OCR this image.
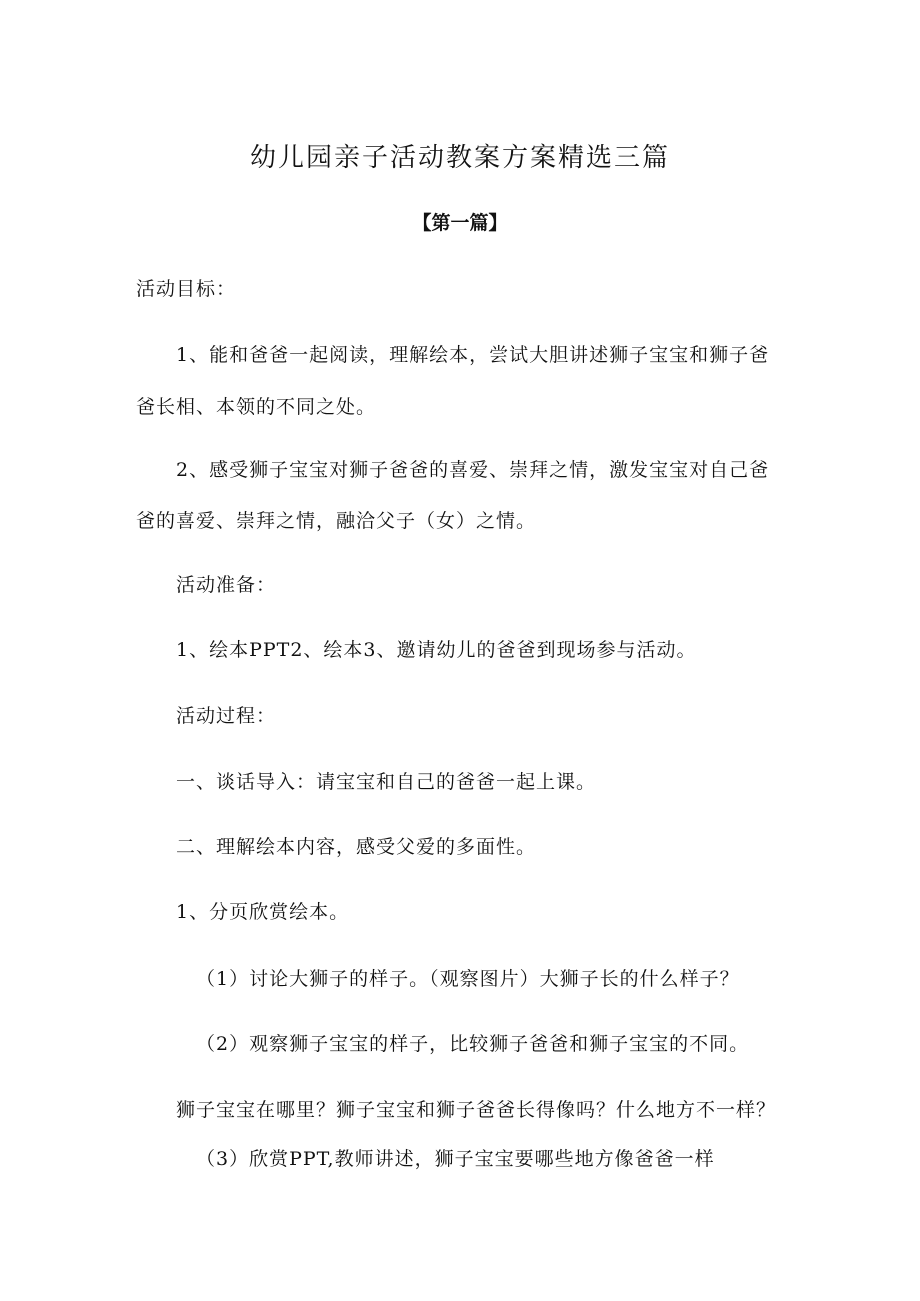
幼儿园亲子活动教案方案精选三篇
【第一篇】
活动目标：
1、能和爸爸一起阅读，理解绘本，尝试大胆讲述狮子宝宝和狮子爸
爸长相、本领的不同之处。
2、感受狮子宝宝对狮子爸爸的喜爱、崇拜之情，激发宝宝对自己爸
爸的喜爱、崇拜之情，融洽父子（女）之情。
活动准备：
1、绘本PPT2、绘本3、邀请幼儿的爸爸到现场参与活动。
活动过程：
一、谈话导入：请宝宝和自己的爸爸一起上课。
二、理解绘本内容，感受父爱的多面性。
1、分页欣赏绘本。
（1）讨论大狮子的样子。（观察图片）大狮子长的什么样子？
（2）观察狮子宝宝的样子，比较狮子爸爸和狮子宝宝的不同。
狮子宝宝在哪里？狮子宝宝和狮子爸爸长得像吗？什么地方不一样？
（3）欣赏PPT,教师讲述，狮子宝宝要哪些地方像爸爸一样
